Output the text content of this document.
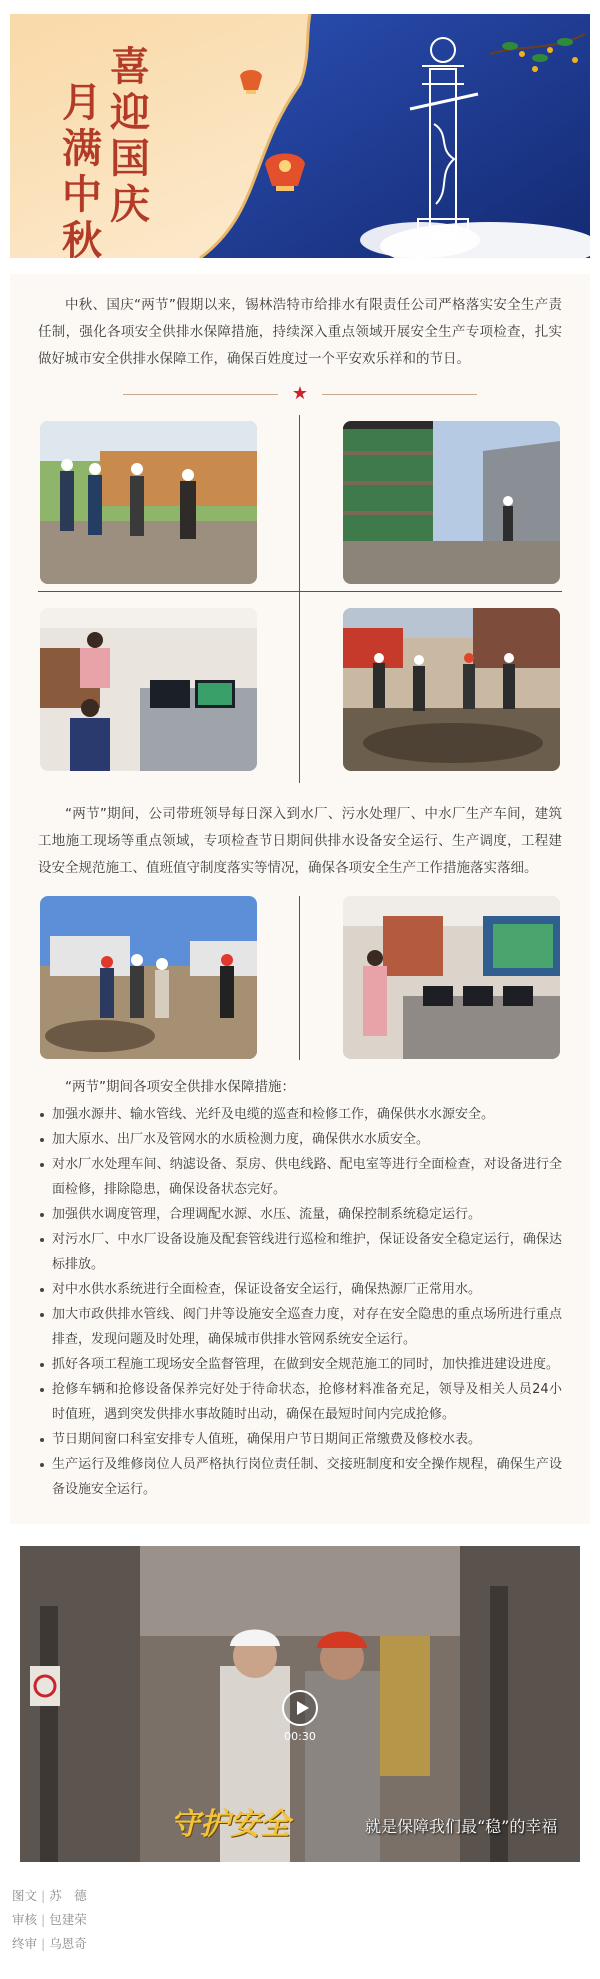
喜
迎
国
庆
月
满
中
秋

中秋、国庆“两节”假期以来，锡林浩特市给排水有限责任公司严格落实安全生产责任制，强化各项安全供排水保障措施，持续深入重点领域开展安全生产专项检查，扎实做好城市安全供排水保障工作，确保百姓度过一个平安欢乐祥和的节日。

★

“两节”期间，公司带班领导每日深入到水厂、污水处理厂、中水厂生产车间，建筑工地施工现场等重点领域，专项检查节日期间供排水设备安全运行、生产调度，工程建设安全规范施工、值班值守制度落实等情况，确保各项安全生产工作措施落实落细。

“两节”期间各项安全供排水保障措施：

加强水源井、输水管线、光纤及电缆的巡查和检修工作，确保供水水源安全。
加大原水、出厂水及管网水的水质检测力度，确保供水水质安全。
对水厂水处理车间、纳滤设备、泵房、供电线路、配电室等进行全面检查，对设备进行全面检修，排除隐患，确保设备状态完好。
加强供水调度管理，合理调配水源、水压、流量，确保控制系统稳定运行。
对污水厂、中水厂设备设施及配套管线进行巡检和维护，保证设备安全稳定运行，确保达标排放。
对中水供水系统进行全面检查，保证设备安全运行，确保热源厂正常用水。
加大市政供排水管线、阀门井等设施安全巡查力度，对存在安全隐患的重点场所进行重点排查，发现问题及时处理，确保城市供排水管网系统安全运行。
抓好各项工程施工现场安全监督管理，在做到安全规范施工的同时，加快推进建设进度。
抢修车辆和抢修设备保养完好处于待命状态，抢修材料准备充足，领导及相关人员24小时值班，遇到突发供排水事故随时出动，确保在最短时间内完成抢修。
节日期间窗口科室安排专人值班，确保用户节日期间正常缴费及修校水表。
生产运行及维修岗位人员严格执行岗位责任制、交接班制度和安全操作规程，确保生产设备设施安全运行。
00:30
守护安全	就是保障我们最“稳”的幸福
图文 | 苏　德
审核 | 包建荣
终审 | 乌恩奇
